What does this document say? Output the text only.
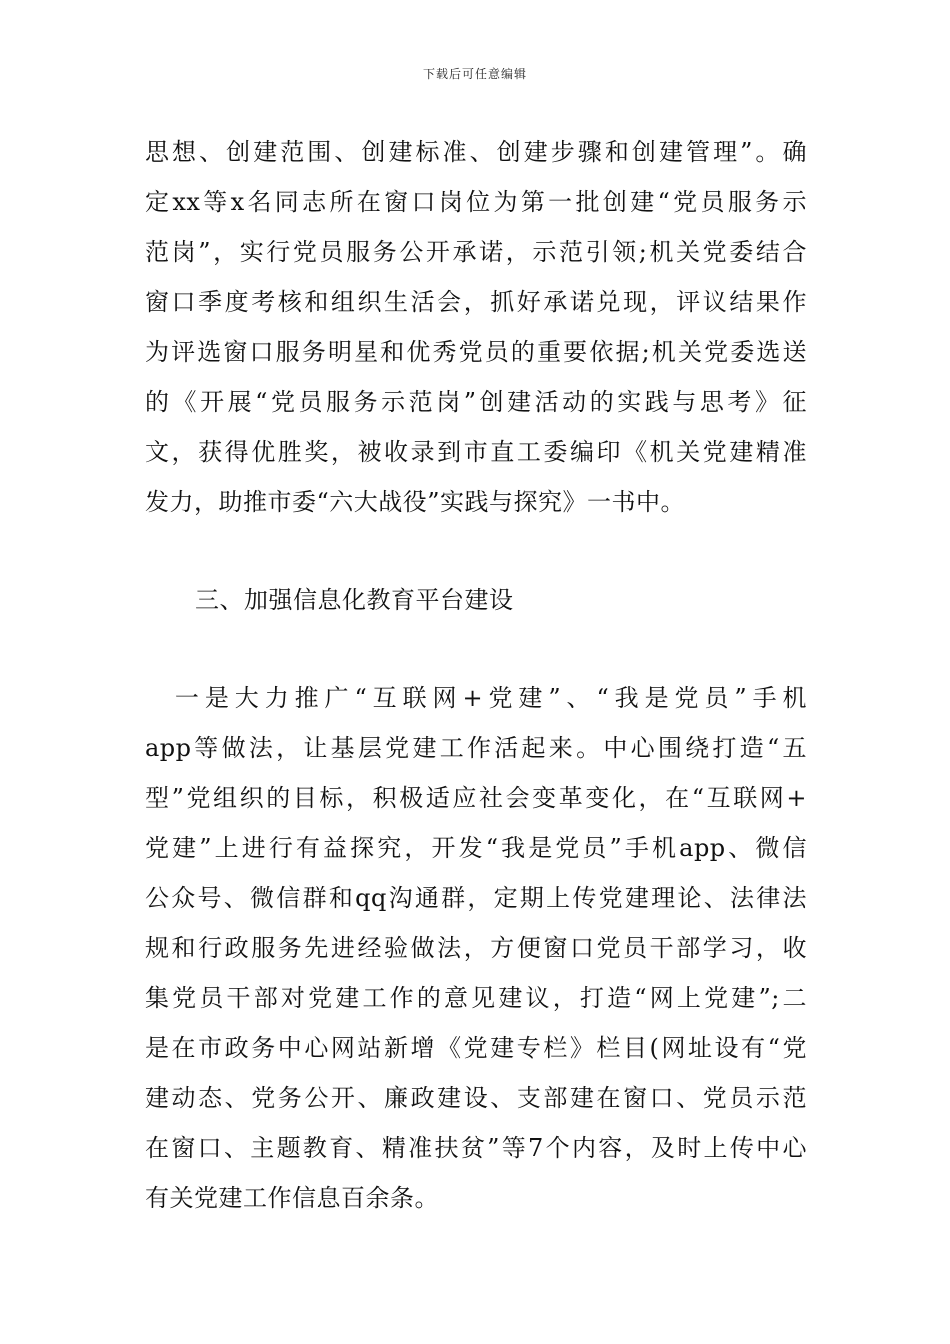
下载后可任意编辑
思想、创建范围、创建标准、创建步骤和创建管理”。确
定xx等x名同志所在窗口岗位为第一批创建“党员服务示
范岗”，实行党员服务公开承诺，示范引领;机关党委结合
窗口季度考核和组织生活会，抓好承诺兑现，评议结果作
为评选窗口服务明星和优秀党员的重要依据;机关党委选送
的《开展“党员服务示范岗”创建活动的实践与思考》征
文，获得优胜奖，被收录到市直工委编印《机关党建精准
发力，助推市委“六大战役”实践与探究》一书中。
三、加强信息化教育平台建设
　一是大力推广“互联网+党建”、“我是党员”手机
app等做法，让基层党建工作活起来。中心围绕打造“五
型”党组织的目标，积极适应社会变革变化，在“互联网+
党建”上进行有益探究，开发“我是党员”手机app、微信
公众号、微信群和qq沟通群，定期上传党建理论、法律法
规和行政服务先进经验做法，方便窗口党员干部学习，收
集党员干部对党建工作的意见建议，打造“网上党建”;二
是在市政务中心网站新增《党建专栏》栏目(网址设有“党
建动态、党务公开、廉政建设、支部建在窗口、党员示范
在窗口、主题教育、精准扶贫”等7个内容，及时上传中心
有关党建工作信息百余条。
